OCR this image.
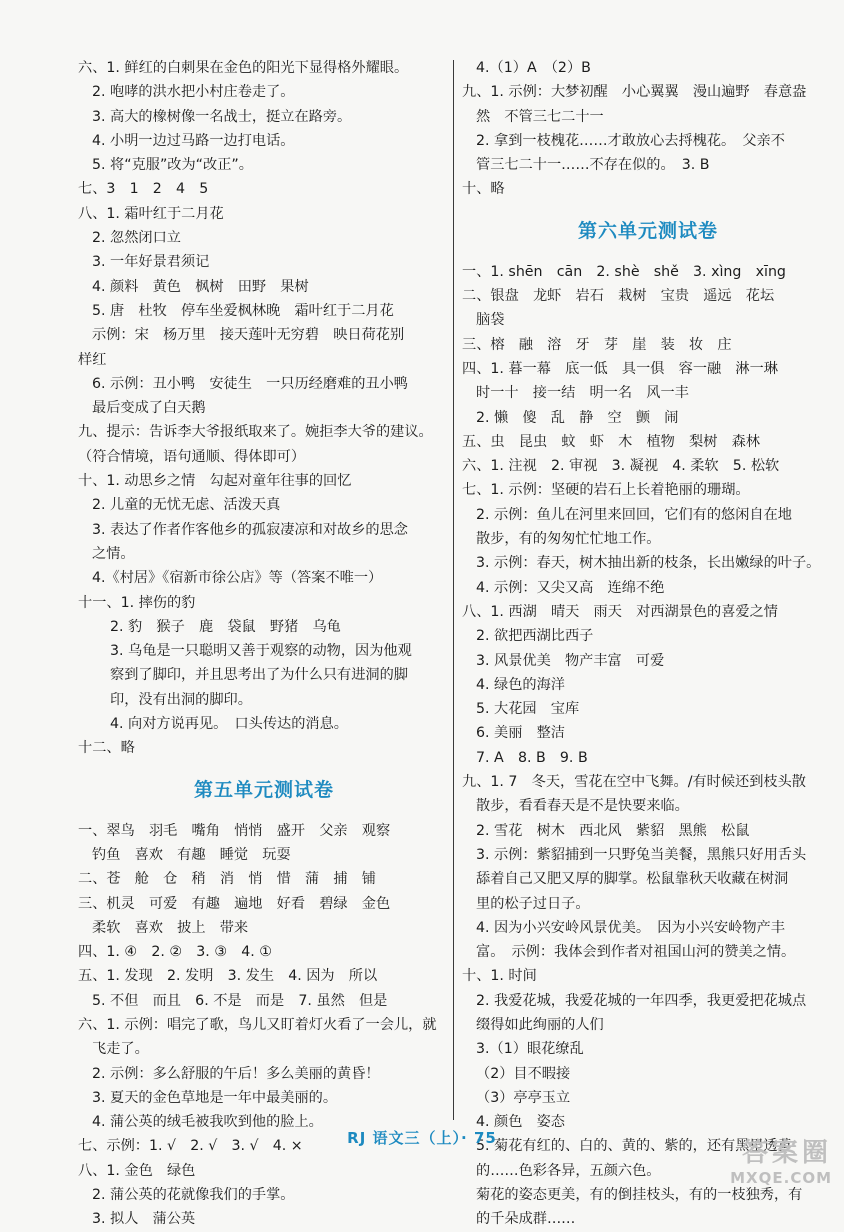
六、1. 鲜红的白刺果在金色的阳光下显得格外耀眼。
2. 咆哮的洪水把小村庄卷走了。
3. 高大的橡树像一名战士，挺立在路旁。
4. 小明一边过马路一边打电话。
5. 将“克服”改为“改正”。
七、3　1　2　4　5
八、1. 霜叶红于二月花
2. 忽然闭口立
3. 一年好景君须记
4. 颜料　黄色　枫树　田野　果树
5. 唐　杜牧　停车坐爱枫林晚　霜叶红于二月花
示例：宋　杨万里　接天莲叶无穷碧　映日荷花别
样红
6. 示例：丑小鸭　安徒生　一只历经磨难的丑小鸭
最后变成了白天鹅
九、提示：告诉李大爷报纸取来了。婉拒李大爷的建议。
（符合情境，语句通顺、得体即可）
十、1. 动思乡之情　勾起对童年往事的回忆
2. 儿童的无忧无虑、活泼天真
3. 表达了作者作客他乡的孤寂凄凉和对故乡的思念
之情。
4.《村居》《宿新市徐公店》等（答案不唯一）
十一、1. 摔伤的豹
2. 豹　猴子　鹿　袋鼠　野猪　乌龟
3. 乌龟是一只聪明又善于观察的动物，因为他观
察到了脚印，并且思考出了为什么只有进洞的脚
印，没有出洞的脚印。
4. 向对方说再见。　口头传达的消息。
十二、略
第五单元测试卷
一、翠鸟　羽毛　嘴角　悄悄　盛开　父亲　观察
钓鱼　喜欢　有趣　睡觉　玩耍
二、苍　舱　仓　稍　消　悄　惜　蒲　捕　铺
三、机灵　可爱　有趣　遍地　好看　碧绿　金色
柔软　喜欢　披上　带来
四、1. ④　2. ②　3. ③　4. ①
五、1. 发现　2. 发明　3. 发生　4. 因为　所以
5. 不但　而且　6. 不是　而是　7. 虽然　但是
六、1. 示例：唱完了歌，鸟儿又盯着灯火看了一会儿，就
飞走了。
2. 示例：多么舒服的午后！多么美丽的黄昏！
3. 夏天的金色草地是一年中最美丽的。
4. 蒲公英的绒毛被我吹到他的脸上。
七、示例：1. √　2. √　3. √　4. ×
八、1. 金色　绿色
2. 蒲公英的花就像我们的手掌。
3. 拟人　蒲公英
4.（1）A　（2）B
九、1. 示例：大梦初醒　小心翼翼　漫山遍野　春意盎
然　不管三七二十一
2. 拿到一枝槐花……才敢放心去捋槐花。　父亲不
管三七二十一……不存在似的。　3. B
十、略
第六单元测试卷
一、1. shēn　cān　2. shè　shě　3. xìng　xīng
二、银盘　龙虾　岩石　栽树　宝贵　遥远　花坛
脑袋
三、榕　融　溶　牙　芽　崖　装　妆　庄
四、1. 暮一幕　底一低　具一俱　容一融　淋一琳
时一十　接一结　明一名　风一丰
2. 懒　傻　乱　静　空　颤　闹
五、虫　昆虫　蚊　虾　木　植物　梨树　森林
六、1. 注视　2. 审视　3. 凝视　4. 柔软　5. 松软
七、1. 示例：坚硬的岩石上长着艳丽的珊瑚。
2. 示例：鱼儿在河里来回回，它们有的悠闲自在地
散步，有的匆匆忙忙地工作。
3. 示例：春天，树木抽出新的枝条，长出嫩绿的叶子。
4. 示例：又尖又高　连绵不绝
八、1. 西湖　晴天　雨天　对西湖景色的喜爱之情
2. 欲把西湖比西子
3. 风景优美　物产丰富　可爱
4. 绿色的海洋
5. 大花园　宝库
6. 美丽　整洁
7. A　8. B　9. B
九、1. 7　冬天，雪花在空中飞舞。/有时候还到枝头散
散步，看看春天是不是快要来临。
2. 雪花　树木　西北风　紫貂　黑熊　松鼠
3. 示例：紫貂捕到一只野兔当美餐，黑熊只好用舌头
舔着自己又肥又厚的脚掌。松鼠靠秋天收藏在树洞
里的松子过日子。
4. 因为小兴安岭风景优美。　因为小兴安岭物产丰
富。　示例：我体会到作者对祖国山河的赞美之情。
十、1. 时间
2. 我爱花城，我爱花城的一年四季，我更爱把花城点
缀得如此绚丽的人们
3.（1）眼花缭乱
（2）目不暇接
（3）亭亭玉立
4. 颜色　姿态
5. 菊花有红的、白的、黄的、紫的，还有黑里透黄
的……色彩各异，五颜六色。
菊花的姿态更美，有的倒挂枝头，有的一枝独秀，有
的千朵成群……
RJ 语文三（上）· 75	答案圈
MXQE.COM
